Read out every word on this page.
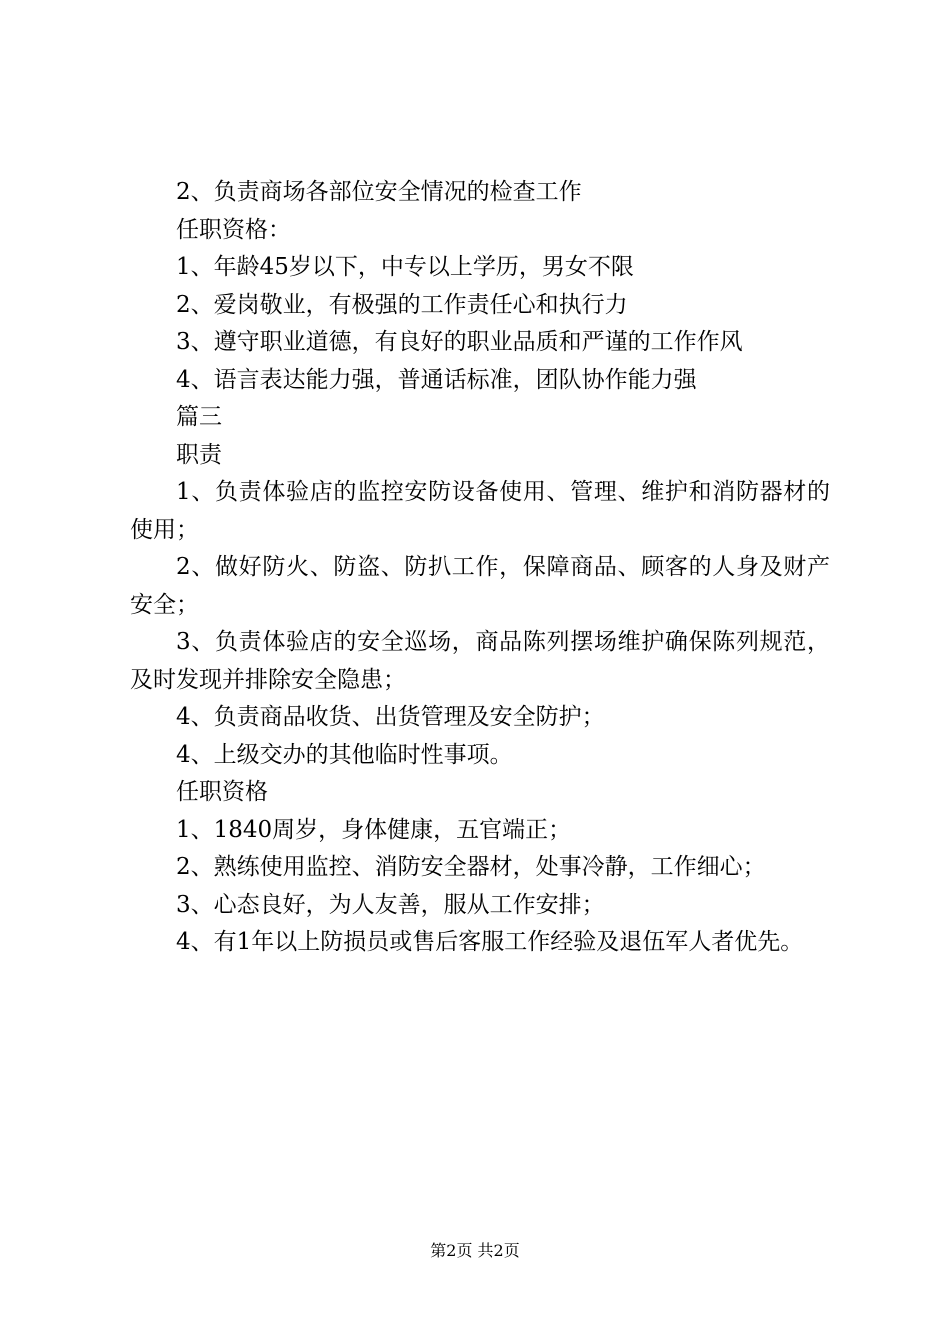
2、负责商场各部位安全情况的检查工作

任职资格：

1、年龄45岁以下，中专以上学历，男女不限

2、爱岗敬业，有极强的工作责任心和执行力

3、遵守职业道德，有良好的职业品质和严谨的工作作风

4、语言表达能力强，普通话标准，团队协作能力强

篇三

职责

1、负责体验店的监控安防设备使用、管理、维护和消防器材的使用；

2、做好防火、防盗、防扒工作，保障商品、顾客的人身及财产安全；

3、负责体验店的安全巡场，商品陈列摆场维护确保陈列规范，及时发现并排除安全隐患；

4、负责商品收货、出货管理及安全防护；

4、上级交办的其他临时性事项。

任职资格

1、1840周岁，身体健康，五官端正；

2、熟练使用监控、消防安全器材，处事冷静，工作细心；

3、心态良好，为人友善，服从工作安排；

4、有1年以上防损员或售后客服工作经验及退伍军人者优先。

第2页 共2页
